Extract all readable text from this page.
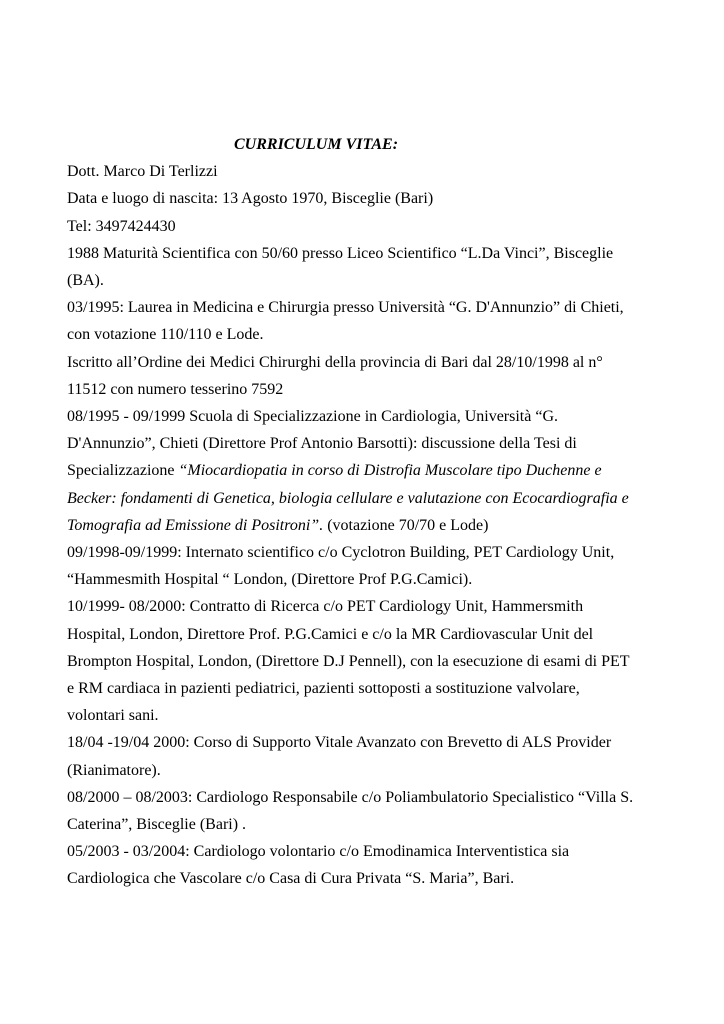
CURRICULUM VITAE:

Dott. Marco Di Terlizzi

Data e luogo di nascita: 13 Agosto 1970, Bisceglie (Bari)

Tel: 3497424430

1988 Maturità Scientifica con 50/60 presso Liceo Scientifico “L.Da Vinci”, Bisceglie

(BA).

03/1995: Laurea in Medicina e Chirurgia presso Università “G. D'Annunzio” di Chieti,

con votazione 110/110 e Lode.

Iscritto all’Ordine dei Medici Chirurghi della provincia di Bari dal 28/10/1998 al n°

11512 con numero tesserino 7592

08/1995 - 09/1999 Scuola di Specializzazione in Cardiologia, Università “G.

D'Annunzio”, Chieti (Direttore Prof Antonio Barsotti): discussione della Tesi di

Specializzazione “Miocardiopatia in corso di Distrofia Muscolare tipo Duchenne e

Becker: fondamenti di Genetica, biologia cellulare e valutazione con Ecocardiografia e

Tomografia ad Emissione di Positroni”. (votazione 70/70 e Lode)

09/1998-09/1999: Internato scientifico c/o Cyclotron Building, PET Cardiology Unit,

“Hammesmith Hospital “ London, (Direttore Prof P.G.Camici).

10/1999- 08/2000: Contratto di Ricerca c/o PET Cardiology Unit, Hammersmith

Hospital, London, Direttore Prof. P.G.Camici e c/o la MR Cardiovascular Unit del

Brompton Hospital, London, (Direttore D.J Pennell), con la esecuzione di esami di PET

e RM cardiaca in pazienti pediatrici, pazienti sottoposti a sostituzione valvolare,

volontari sani.

18/04 -19/04 2000: Corso di Supporto Vitale Avanzato con Brevetto di ALS Provider

(Rianimatore).

08/2000 – 08/2003: Cardiologo Responsabile c/o Poliambulatorio Specialistico “Villa S.

Caterina”, Bisceglie (Bari) .

05/2003 - 03/2004: Cardiologo volontario c/o Emodinamica Interventistica sia

Cardiologica che Vascolare c/o Casa di Cura Privata “S. Maria”, Bari.
